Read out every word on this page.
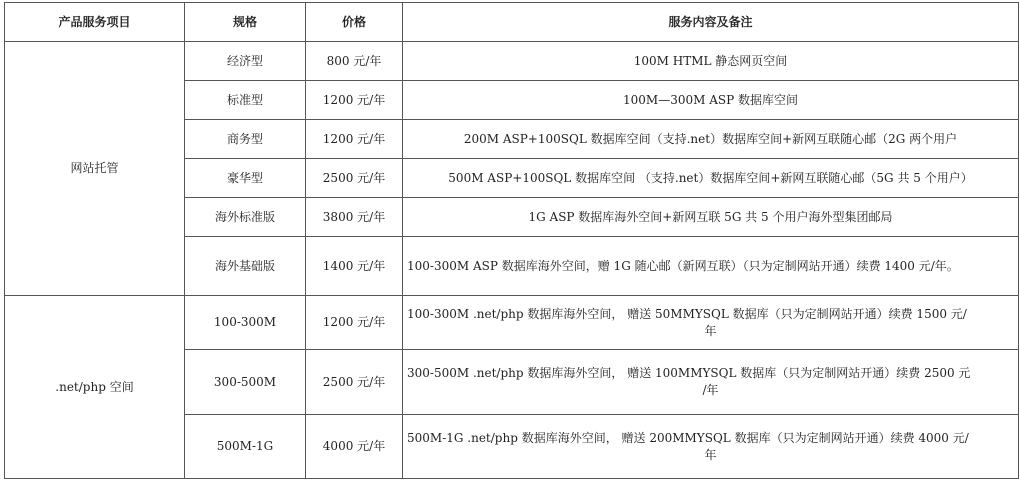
产品服务项目	规格	价格	服务内容及备注
网站托管	经济型	800 元/年	100M HTML 静态网页空间
	标准型	1200 元/年	100M—300M ASP 数据库空间
	商务型	1200 元/年	200M ASP+100SQL 数据库空间（支持.net）数据库空间+新网互联随心邮（2G 两个用户
	豪华型	2500 元/年	500M ASP+100SQL 数据库空间 （支持.net）数据库空间+新网互联随心邮（5G 共 5 个用户）
	海外标准版	3800 元/年	1G ASP 数据库海外空间+新网互联 5G 共 5 个用户海外型集团邮局
	海外基础版	1400 元/年	100-300M ASP 数据库海外空间，赠 1G 随心邮（新网互联）（只为定制网站开通）续费 1400 元/年。
.net/php 空间	100-300M	1200 元/年	100-300M .net/php 数据库海外空间， 赠送 50MMYSQL 数据库（只为定制网站开通）续费 1500 元/
年

	300-500M	2500 元/年	300-500M .net/php 数据库海外空间， 赠送 100MMYSQL 数据库（只为定制网站开通）续费 2500 元
/年

	500M-1G	4000 元/年	500M-1G .net/php 数据库海外空间， 赠送 200MMYSQL 数据库（只为定制网站开通）续费 4000 元/
年
